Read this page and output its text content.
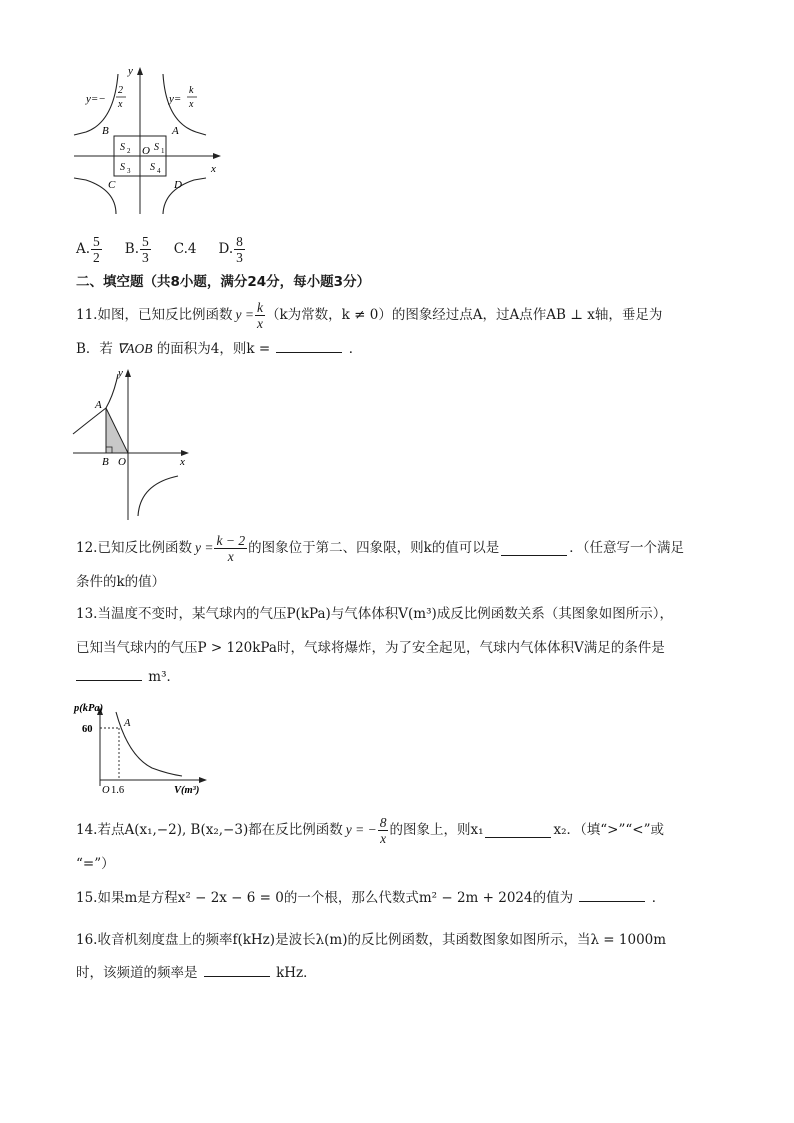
y=−
2
x	y=
k
x
B	A
C	D
O
S 2 S 1
S 3 S 4	x
y
A. $\frac{5}{2} B$. $\frac{5}{3} C.4$ D. $\frac{8}{3}$
二、填空题（共8小题，满分24分，每小题3分）
11.如图，已知反比例函数 $y = \frac{k}{x} (k$为常数，k ≠ 0）的图象经过点A，过A点作AB ⊥ x轴，垂足为
B．若 ∇AOB 的面积为4，则k =	．
A
B O	x
y
12.已知反比例函数 $y = \frac{k - 2}{x}$ 的图象位于第二、四象限，则k的值可以是	．（任意写一个满足
条件的k的值）
13.当温度不变时，某气球内的气压P(kPa)与气体体积V(m³)成反比例函数关系（其图象如图所示），
已知当气球内的气压P > 120kPa时，气球将爆炸，为了安全起见，气球内气体体积V满足的条件是
m³．
p(kPa)
60
A
O 1.6	V(m³)
14.若点A(x₁,−2), B(x₂,−3)都在反比例函数 y = − $\frac{8}{x}$ 的图象上，则x₁	x₂．（填“>”“<”或
“=”）
15.如果m是方程x² − 2x − 6 = 0的一个根，那么代数式m² − 2m + 2024的值为	．
16.收音机刻度盘上的频率f(kHz)是波长λ(m)的反比例函数，其函数图象如图所示，当λ = 1000m
时，该频道的频率是	kHz．
